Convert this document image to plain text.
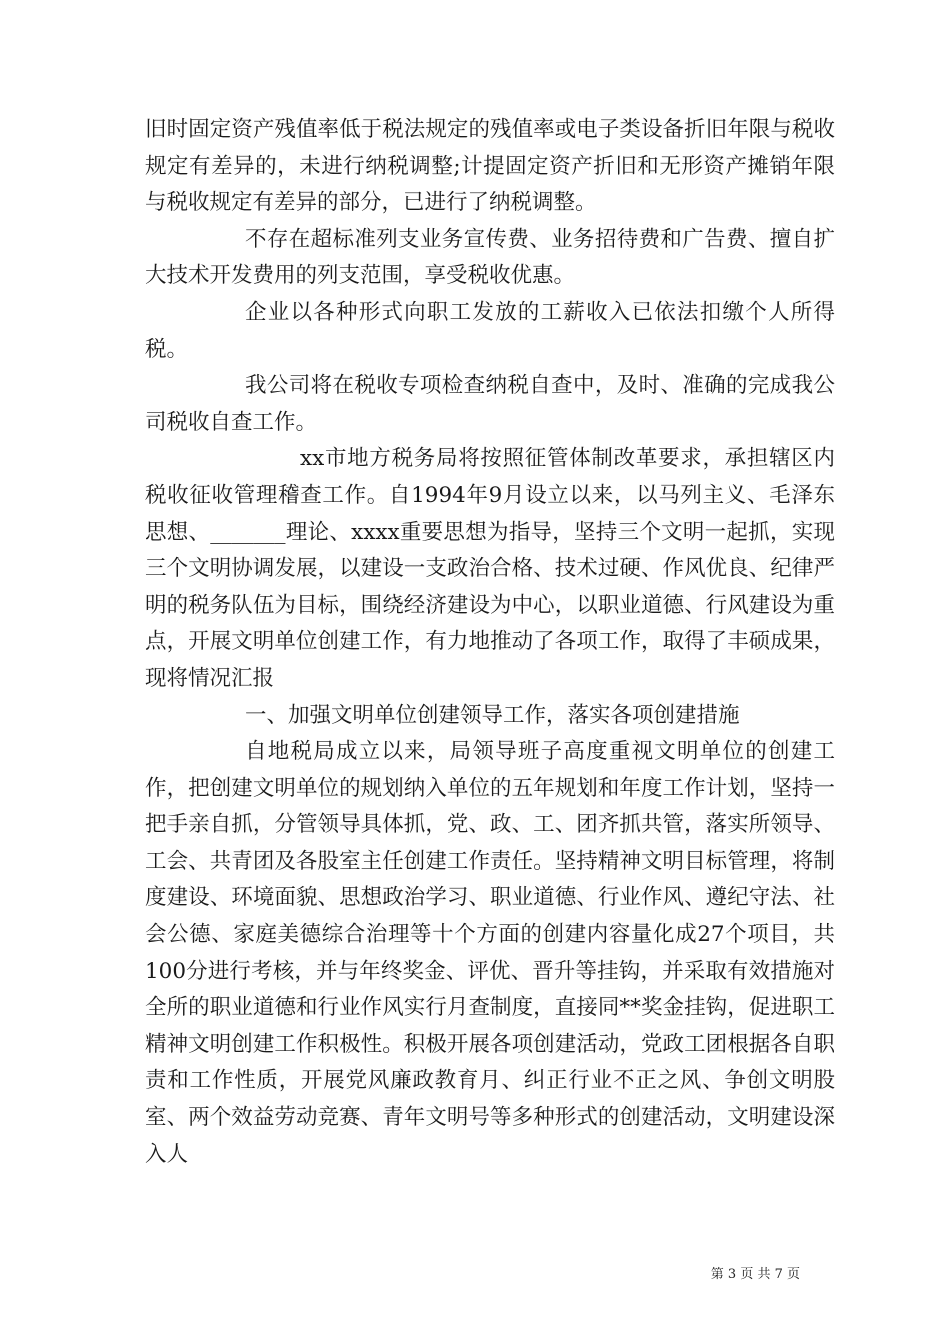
旧时固定资产残值率低于税法规定的残值率或电子类设备折旧年限与税收规定有差异的，未进行纳税调整;计提固定资产折旧和无形资产摊销年限与税收规定有差异的部分，已进行了纳税调整。

不存在超标准列支业务宣传费、业务招待费和广告费、擅自扩大技术开发费用的列支范围，享受税收优惠。

企业以各种形式向职工发放的工薪收入已依法扣缴个人所得税。

我公司将在税收专项检查纳税自查中，及时、准确的完成我公司税收自查工作。

xx市地方税务局将按照征管体制改革要求，承担辖区内税收征收管理稽查工作。自1994年9月设立以来，以马列主义、毛泽东思想、_______理论、xxxx重要思想为指导，坚持三个文明一起抓，实现三个文明协调发展，以建设一支政治合格、技术过硬、作风优良、纪律严明的税务队伍为目标，围绕经济建设为中心，以职业道德、行风建设为重点，开展文明单位创建工作，有力地推动了各项工作，取得了丰硕成果，现将情况汇报

一、加强文明单位创建领导工作，落实各项创建措施

自地税局成立以来，局领导班子高度重视文明单位的创建工作，把创建文明单位的规划纳入单位的五年规划和年度工作计划，坚持一把手亲自抓，分管领导具体抓，党、政、工、团齐抓共管，落实所领导、工会、共青团及各股室主任创建工作责任。坚持精神文明目标管理，将制度建设、环境面貌、思想政治学习、职业道德、行业作风、遵纪守法、社会公德、家庭美德综合治理等十个方面的创建内容量化成27个项目，共100分进行考核，并与年终奖金、评优、晋升等挂钩，并采取有效措施对全所的职业道德和行业作风实行月查制度，直接同**奖金挂钩，促进职工精神文明创建工作积极性。积极开展各项创建活动，党政工团根据各自职责和工作性质，开展党风廉政教育月、纠正行业不正之风、争创文明股室、两个效益劳动竞赛、青年文明号等多种形式的创建活动，文明建设深入人

第 3 页 共 7 页
